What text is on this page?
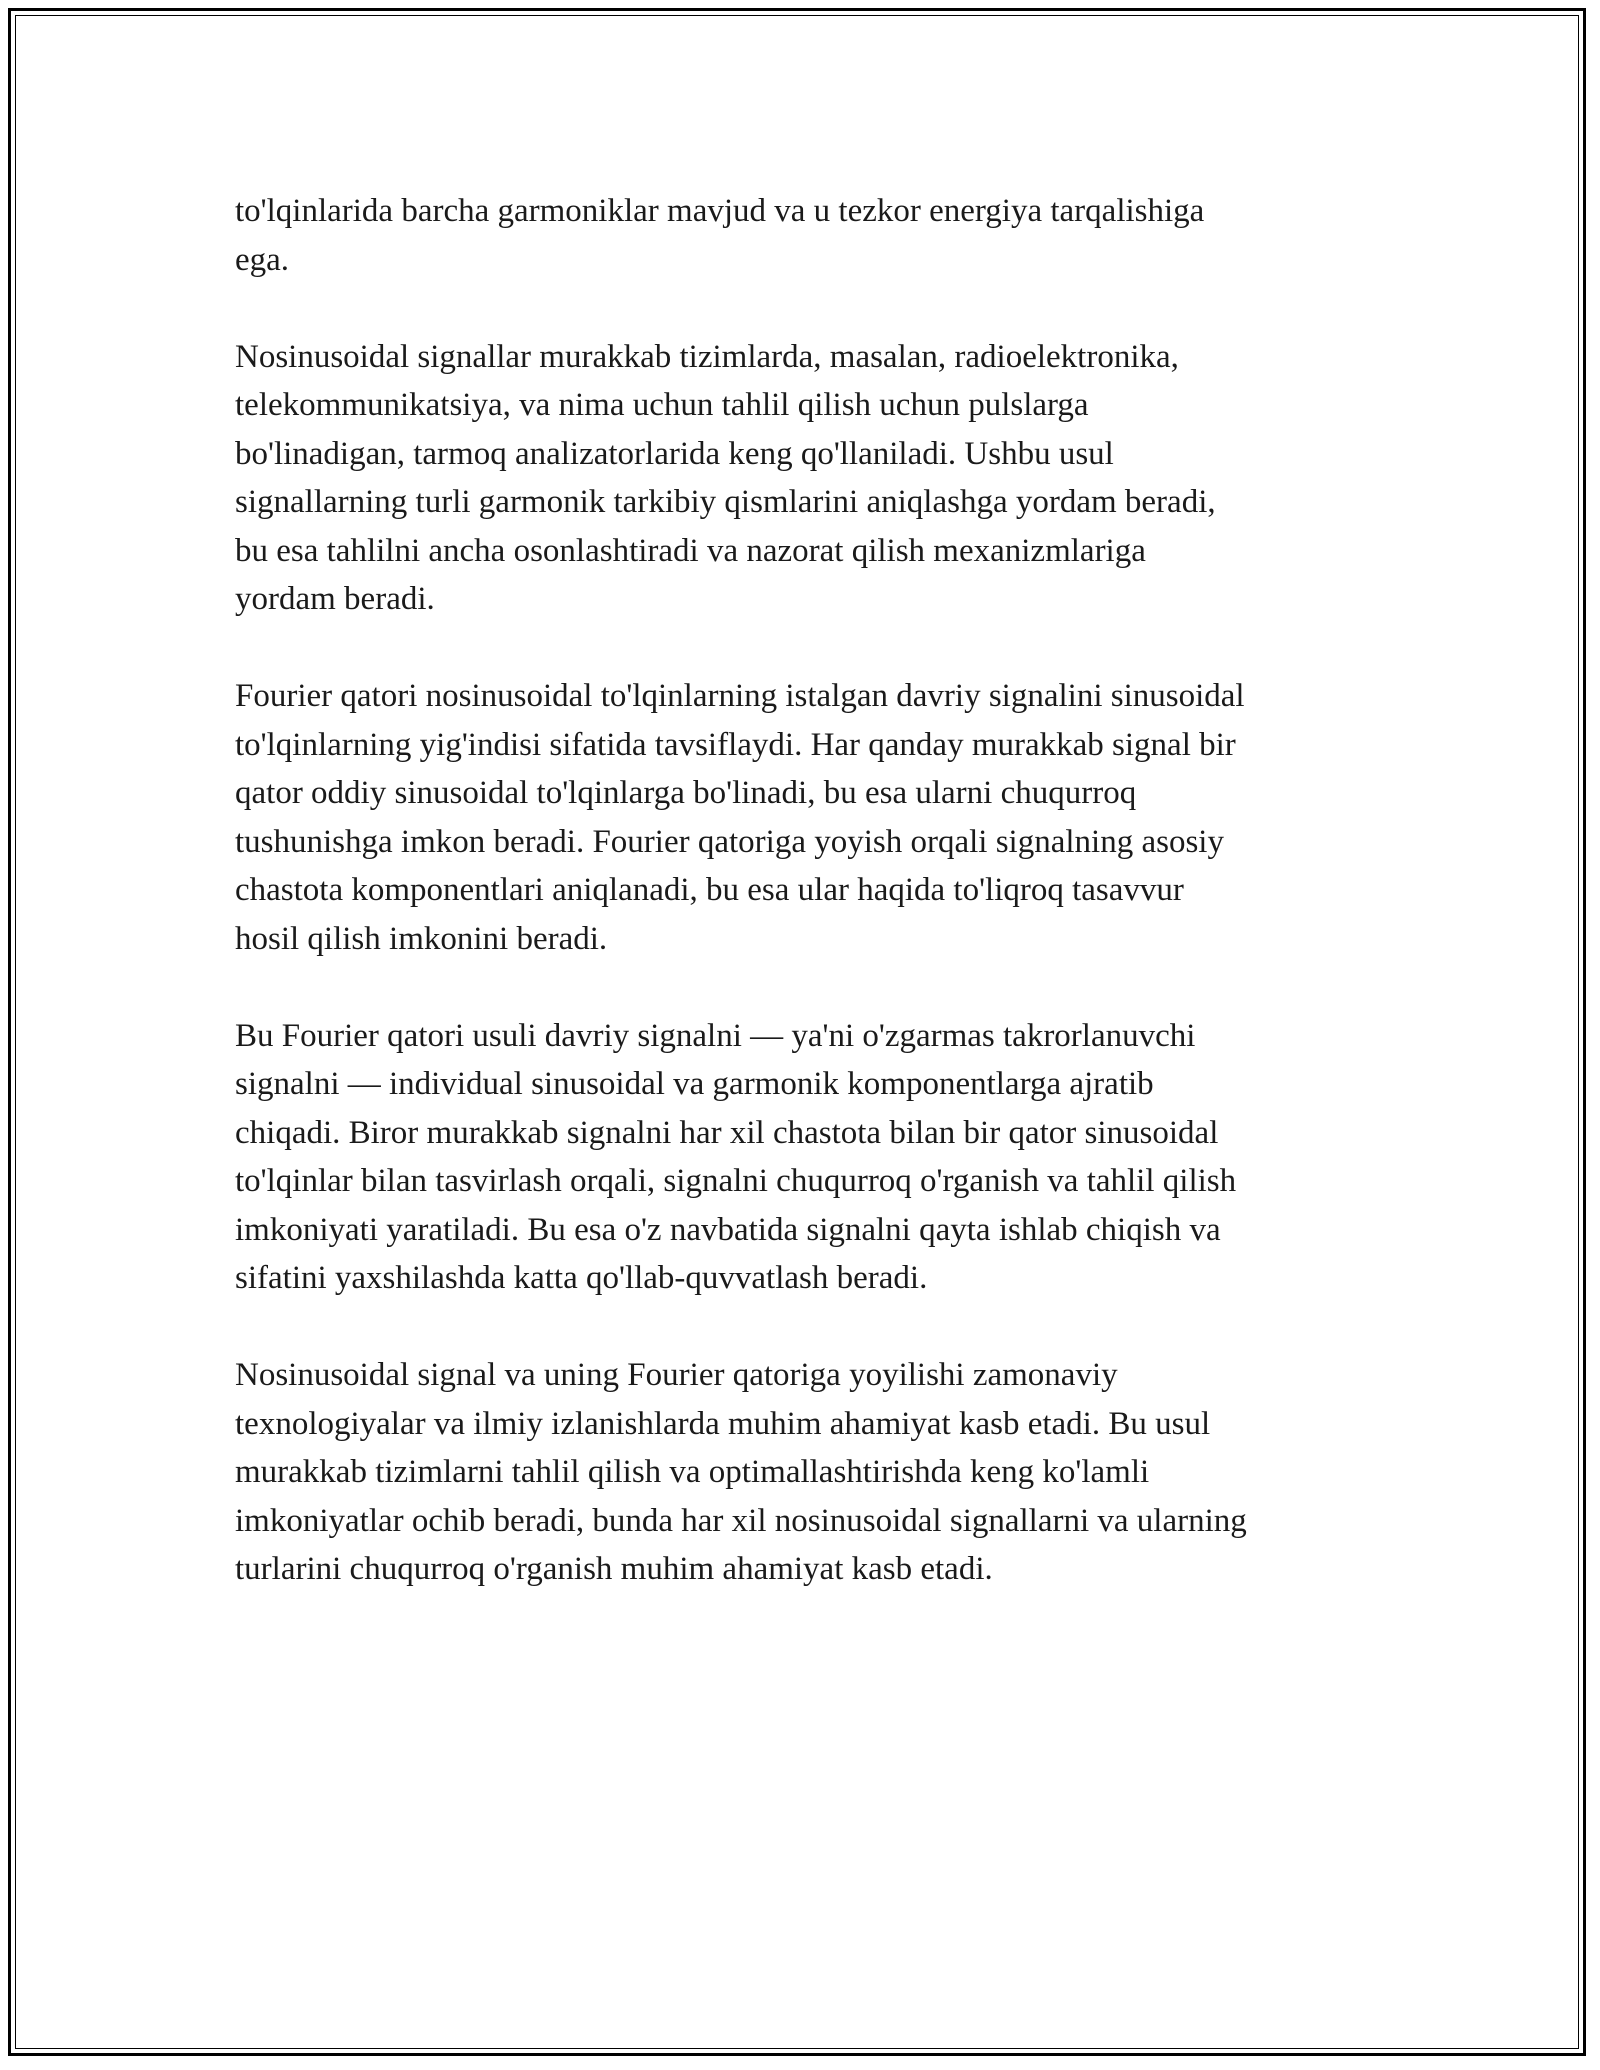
to'lqinlarida barcha garmoniklar mavjud va u tezkor energiya tarqalishiga
ega.

Nosinusoidal signallar murakkab tizimlarda, masalan, radioelektronika,
telekommunikatsiya, va nima uchun tahlil qilish uchun pulslarga
bo'linadigan, tarmoq analizatorlarida keng qo'llaniladi. Ushbu usul
signallarning turli garmonik tarkibiy qismlarini aniqlashga yordam beradi,
bu esa tahlilni ancha osonlashtiradi va nazorat qilish mexanizmlariga
yordam beradi.

Fourier qatori nosinusoidal to'lqinlarning istalgan davriy signalini sinusoidal
to'lqinlarning yig'indisi sifatida tavsiflaydi. Har qanday murakkab signal bir
qator oddiy sinusoidal to'lqinlarga bo'linadi, bu esa ularni chuqurroq
tushunishga imkon beradi. Fourier qatoriga yoyish orqali signalning asosiy
chastota komponentlari aniqlanadi, bu esa ular haqida to'liqroq tasavvur
hosil qilish imkonini beradi.

Bu Fourier qatori usuli davriy signalni — ya'ni o'zgarmas takrorlanuvchi
signalni — individual sinusoidal va garmonik komponentlarga ajratib
chiqadi. Biror murakkab signalni har xil chastota bilan bir qator sinusoidal
to'lqinlar bilan tasvirlash orqali, signalni chuqurroq o'rganish va tahlil qilish
imkoniyati yaratiladi. Bu esa o'z navbatida signalni qayta ishlab chiqish va
sifatini yaxshilashda katta qo'llab-quvvatlash beradi.

Nosinusoidal signal va uning Fourier qatoriga yoyilishi zamonaviy
texnologiyalar va ilmiy izlanishlarda muhim ahamiyat kasb etadi. Bu usul
murakkab tizimlarni tahlil qilish va optimallashtirishda keng ko'lamli
imkoniyatlar ochib beradi, bunda har xil nosinusoidal signallarni va ularning
turlarini chuqurroq o'rganish muhim ahamiyat kasb etadi.
